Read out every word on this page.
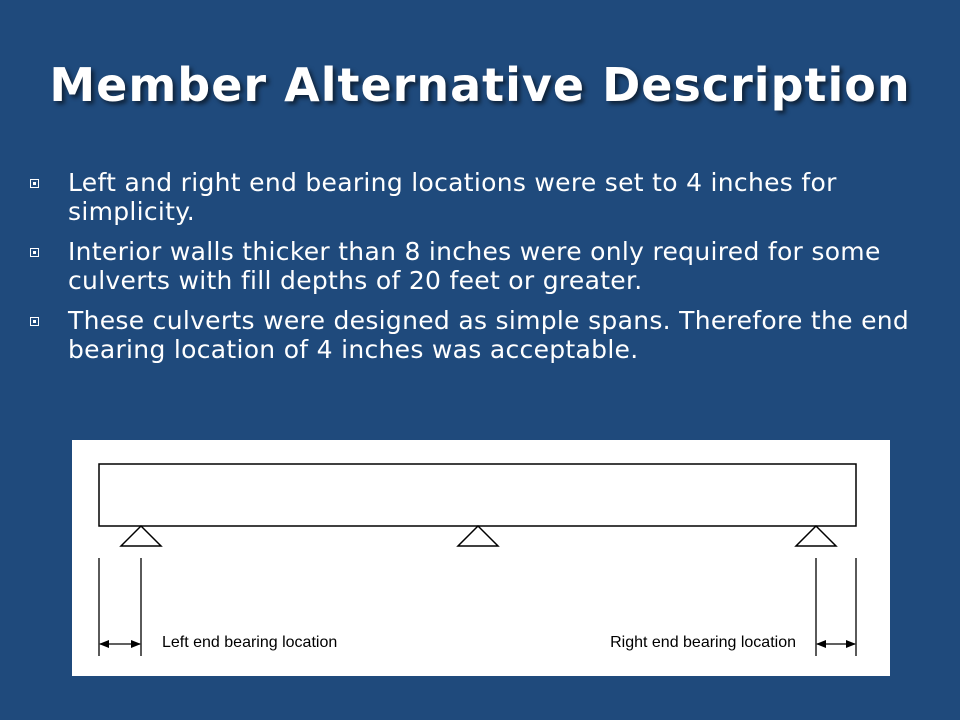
Member Alternative Description
Left and right end bearing locations were set to 4 inches for simplicity.
Interior walls thicker than 8 inches were only required for some culverts with fill depths of 20 feet or greater.
These culverts were designed as simple spans. Therefore the end bearing location of 4 inches was acceptable.
Left end bearing location	Right end bearing location
